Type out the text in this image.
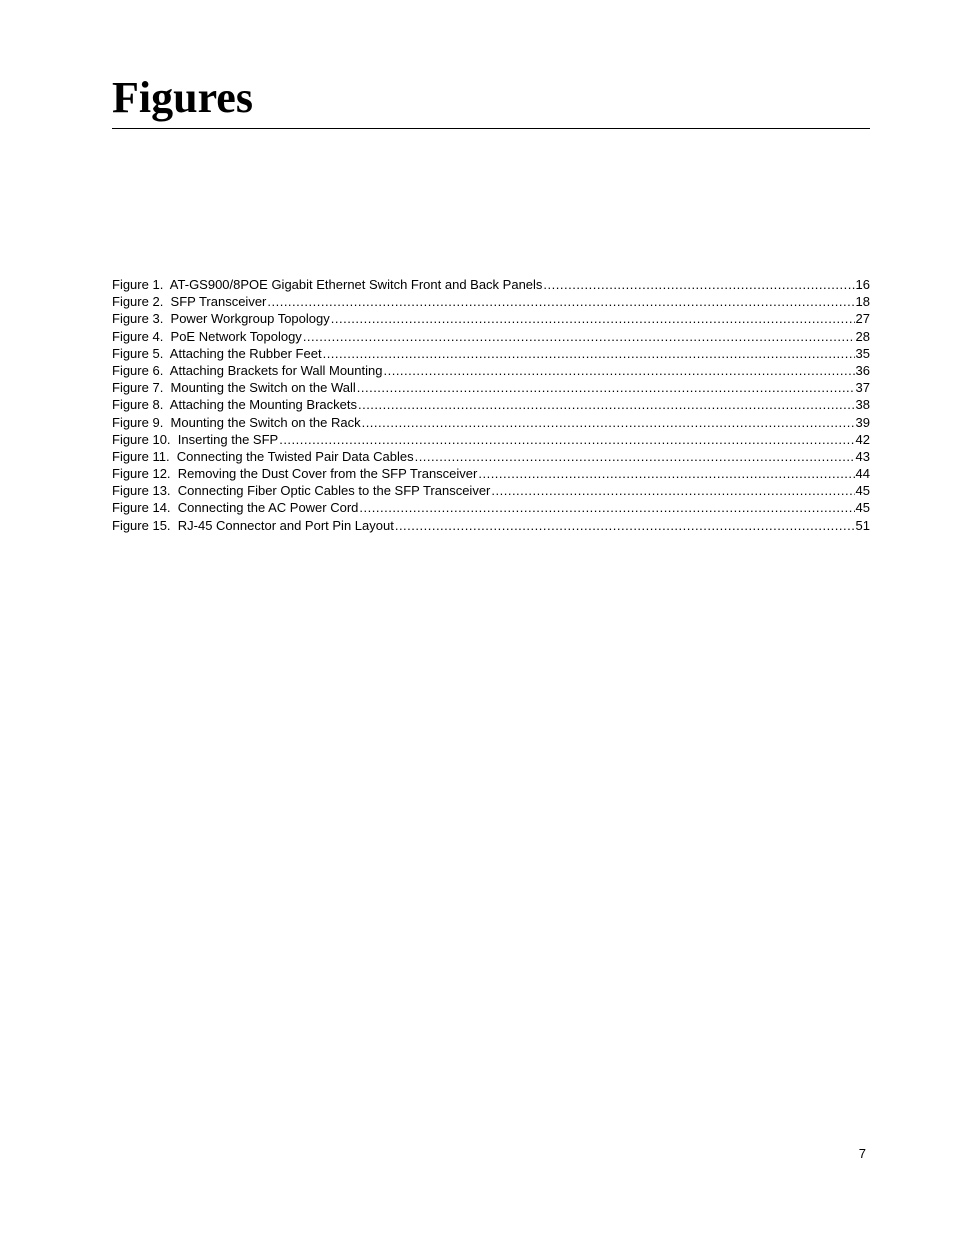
Figures
Figure 1.  AT-GS900/8POE Gigabit Ethernet Switch Front and Back Panels .....	16
Figure 2.  SFP Transceiver .....	18
Figure 3.  Power Workgroup Topology .....	27
Figure 4.  PoE Network Topology .....	28
Figure 5.  Attaching the Rubber Feet .....	35
Figure 6.  Attaching Brackets for Wall Mounting .....	36
Figure 7.  Mounting the Switch on the Wall .....	37
Figure 8.  Attaching the Mounting Brackets .....	38
Figure 9.  Mounting the Switch on the Rack .....	39
Figure 10.  Inserting the SFP .....	42
Figure 11.  Connecting the Twisted Pair Data Cables .....	43
Figure 12.  Removing the Dust Cover from the SFP Transceiver .....	44
Figure 13.  Connecting Fiber Optic Cables to the SFP Transceiver .....	45
Figure 14.  Connecting the AC Power Cord .....	45
Figure 15.  RJ-45 Connector and Port Pin Layout .....	51
7
